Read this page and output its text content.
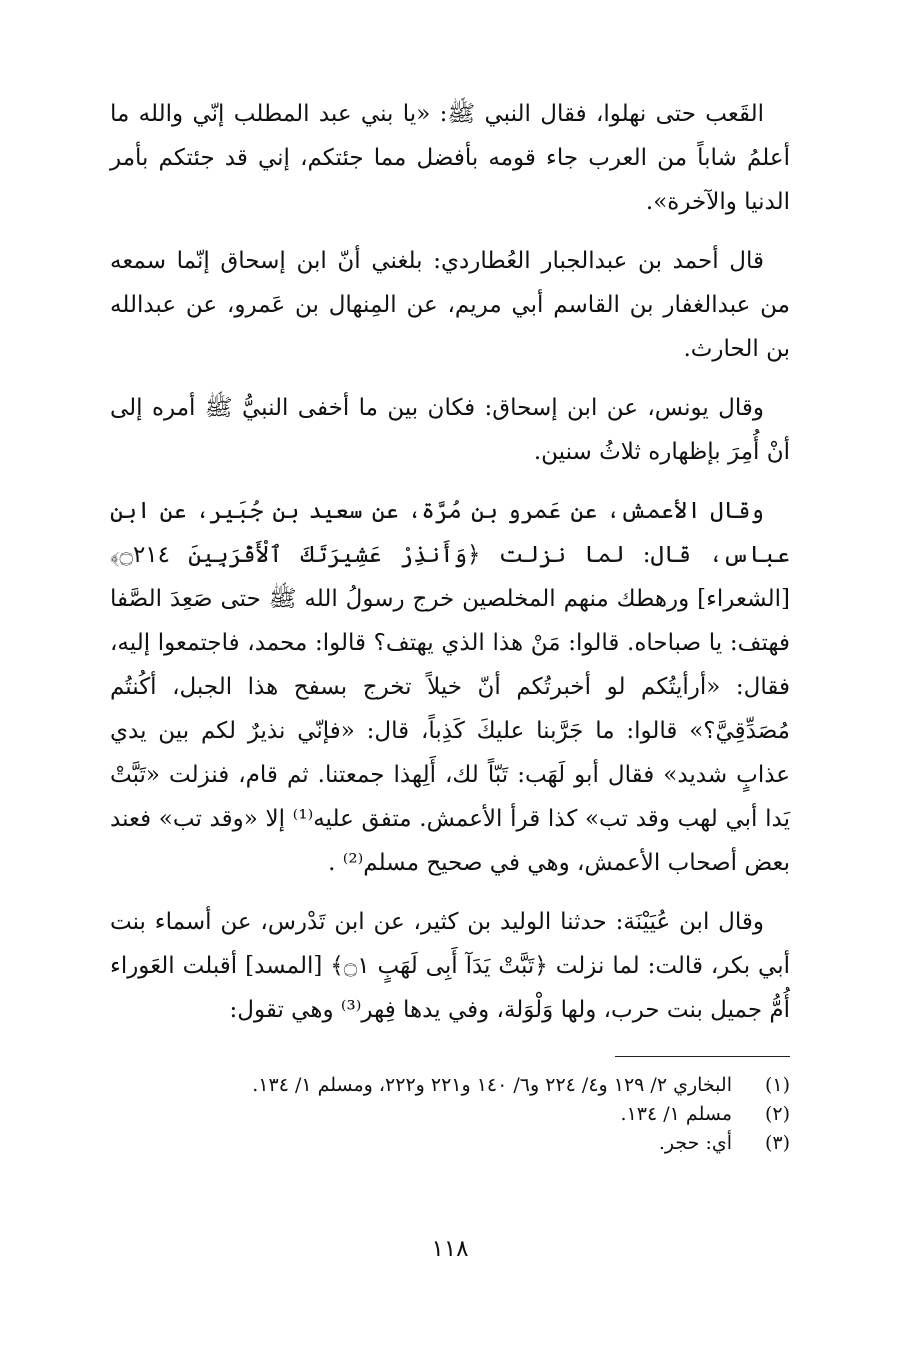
القَعب حتى نهلوا، فقال النبي ﷺ: «يا بني عبد المطلب إنّي والله ما أعلمُ شاباً من العرب جاء قومه بأفضل مما جئتكم، إني قد جئتكم بأمر الدنيا والآخرة».

قال أحمد بن عبدالجبار العُطاردي: بلغني أنّ ابن إسحاق إنّما سمعه من عبدالغفار بن القاسم أبي مريم، عن المِنهال بن عَمرو، عن عبدالله بن الحارث.

وقال يونس، عن ابن إسحاق: فكان بين ما أخفى النبيُّ ﷺ أمره إلى أنْ أُمِرَ بإظهاره ثلاثُ سنين.

وقال الأعمش، عن عَمرو بن مُرَّة، عن سعيد بن جُبَير، عن ابن عباس، قال: لما نزلت ﴿وَأَنذِرْ عَشِيرَتَكَ ٱلْأَقْرَبِينَ ۝٢١٤﴾ [الشعراء] ورهطك منهم المخلصين خرج رسولُ الله ﷺ حتى صَعِدَ الصَّفا فهتف: يا صباحاه. قالوا: مَنْ هذا الذي يهتف؟ قالوا: محمد، فاجتمعوا إليه، فقال: «أرأيتُكم لو أخبرتُكم أنّ خيلاً تخرج بسفح هذا الجبل، أكُنتُم مُصَدِّقِيَّ؟» قالوا: ما جَرَّبنا عليكَ كَذِباً، قال: «فإنّي نذيرٌ لكم بين يدي عذابٍ شديد» فقال أبو لَهَب: تَبّاً لك، أَلِهذا جمعتنا. ثم قام، فنزلت «تَبَّتْ يَدا أبي لهب وقد تب» كذا قرأ الأعمش. متفق عليه⁽¹⁾ إلا «وقد تب» فعند بعض أصحاب الأعمش، وهي في صحيح مسلم⁽²⁾ .

وقال ابن عُيَيْنَة: حدثنا الوليد بن كثير، عن ابن تَدْرس، عن أسماء بنت أبي بكر، قالت: لما نزلت ﴿تَبَّتْ يَدَآ أَبِى لَهَبٍ ۝١﴾ [المسد] أقبلت العَوراء أُمُّ جميل بنت حرب، ولها وَلْوَلة، وفي يدها فِهر⁽³⁾ وهي تقول:

(١)
البخاري ٢/ ١٢٩ و٤/ ٢٢٤ و٦/ ١٤٠ و٢٢١ و٢٢٢، ومسلم ١/ ١٣٤.
(٢)
مسلم ١/ ١٣٤.
(٣)
أي: حجر.
١١٨
